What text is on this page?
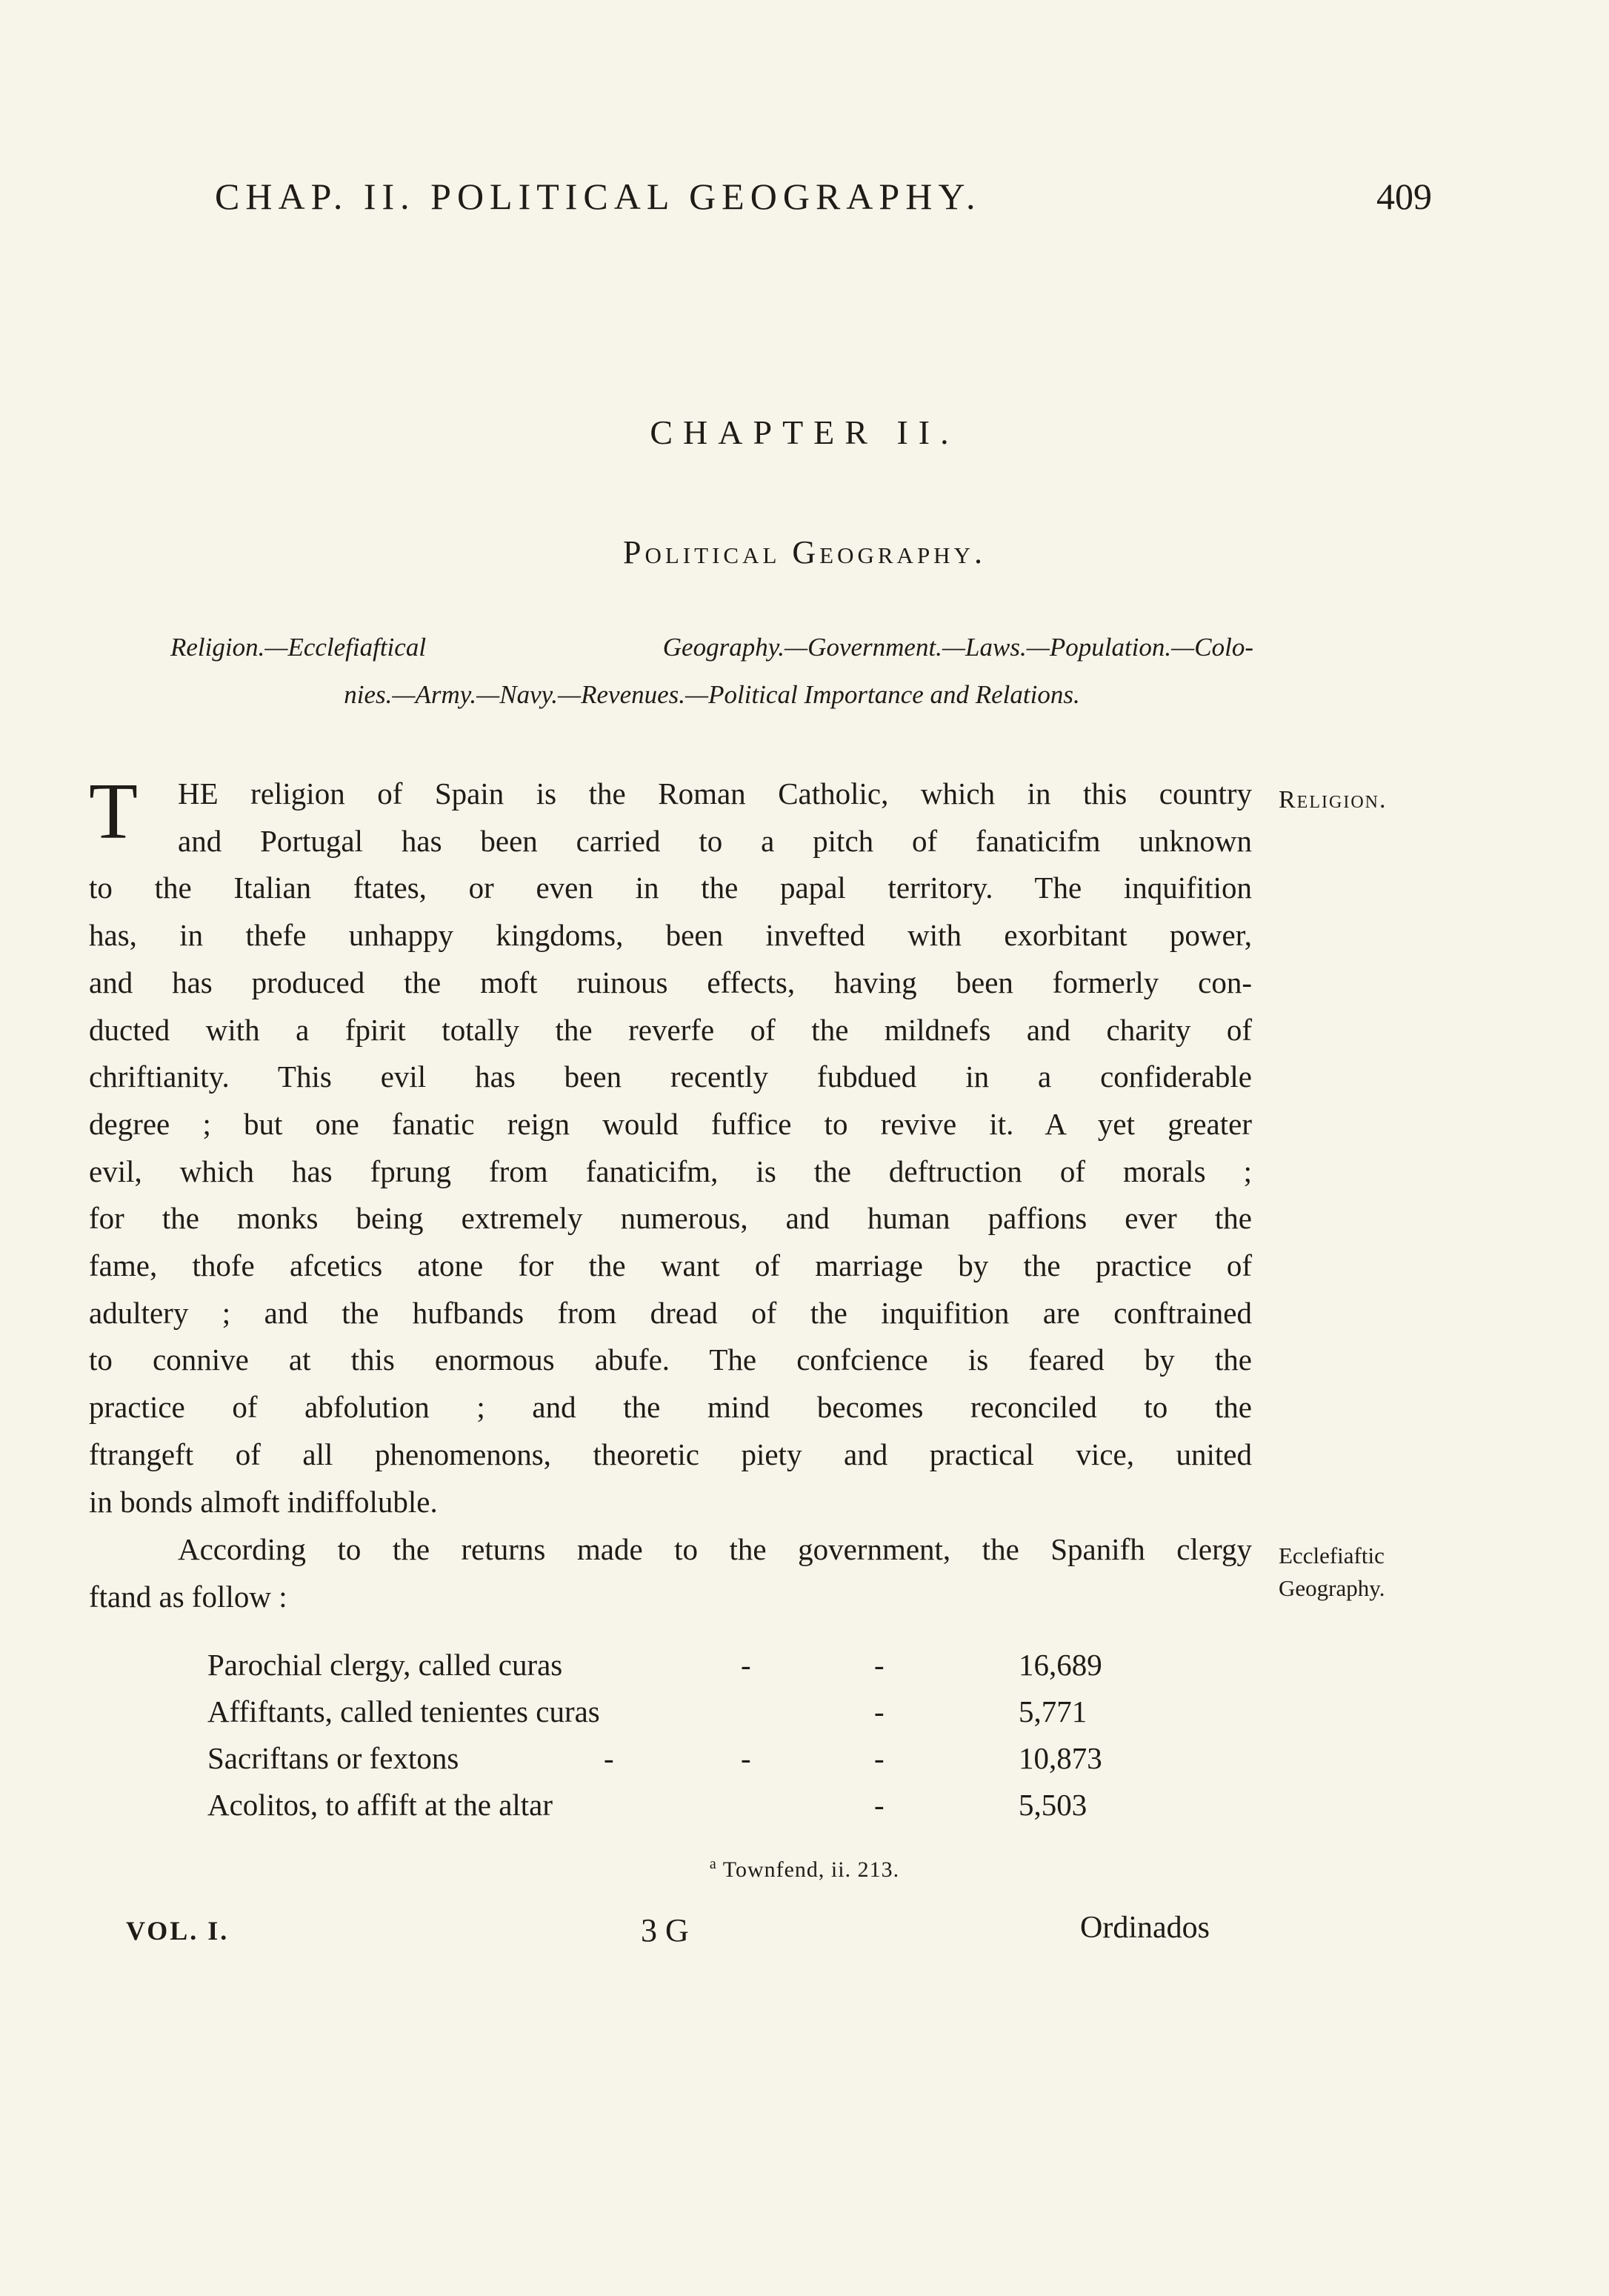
CHAP. II. POLITICAL GEOGRAPHY.	409
CHAPTER II.
Political Geography.
Religion.—Ecclefiaftical Geography.—Government.—Laws.—Population.—Colo-
nies.—Army.—Navy.—Revenues.—Political Importance and Relations.
HE religion of Spain is the Roman Catholic, which in this country
and Portugal has been carried to a pitch of fanaticifm unknown
to the Italian ftates, or even in the papal territory. The inquifition
has, in thefe unhappy kingdoms, been invefted with exorbitant power,
and has produced the moft ruinous effects, having been formerly con-
ducted with a fpirit totally the reverfe of the mildnefs and charity of
chriftianity. This evil has been recently fubdued in a confiderable
degree ; but one fanatic reign would fuffice to revive it. A yet greater
evil, which has fprung from fanaticifm, is the deftruction of morals ;
for the monks being extremely numerous, and human paffions ever the
fame, thofe afcetics atone for the want of marriage by the practice of
adultery ; and the hufbands from dread of the inquifition are conftrained
to connive at this enormous abufe. The confcience is feared by the
practice of abfolution ; and the mind becomes reconciled to the
ftrangeft of all phenomenons, theoretic piety and practical vice, united
in bonds almoft indiffoluble.
T	Religion.
Ecclefiaftic
Geography.
According to the returns made to the government, the Spanifh clergy
ftand as follow :
Parochial clergy, called curas	-	-	16,689
Affiftants, called tenientes curas	-	5,771
Sacriftans or fextons	-	-	-	10,873
Acolitos, to affift at the altar	-	5,503
$^a$ Townfend, ii. 213.
VOL. I.	3 G	Ordinados
